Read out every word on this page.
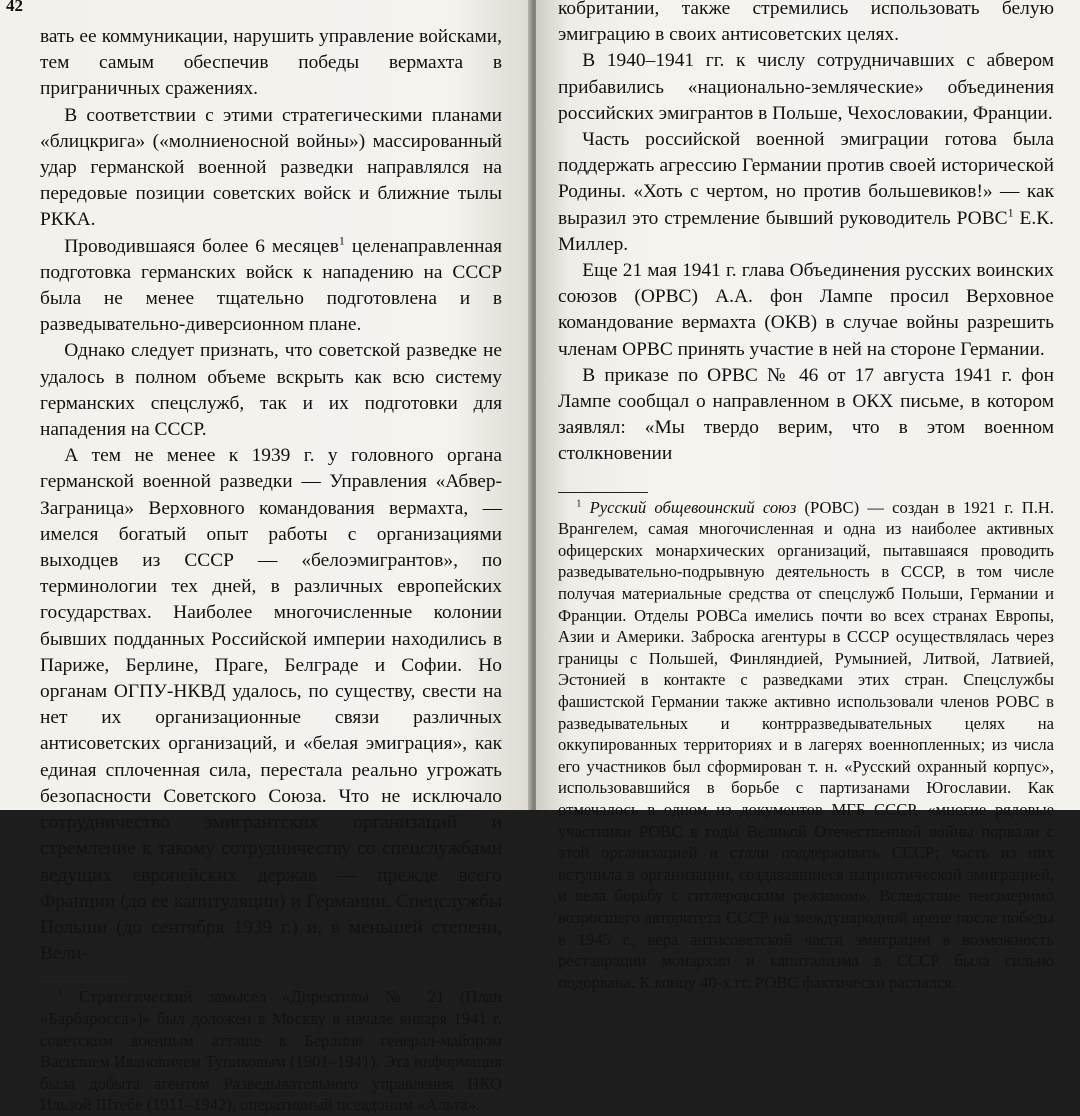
42

вать ее коммуникации, нарушить управление войсками, тем самым обеспечив победы вермахта в приграничных сражениях.

В соответствии с этими стратегическими планами «блицкрига» («молниеносной войны») массированный удар германской военной разведки направлялся на передовые позиции советских войск и ближние тылы РККА.

Проводившаяся более 6 месяцев$^1$ целенаправленная подготовка германских войск к нападению на СССР была не менее тщательно подготовлена и в разведывательно-диверсионном плане.

Однако следует признать, что советской разведке не удалось в полном объеме вскрыть как всю систему германских спецслужб, так и их подготовки для нападения на СССР.

А тем не менее к 1939 г. у головного органа германской военной разведки — Управления «Абвер-Заграница» Верховного командования вермахта, — имелся богатый опыт работы с организациями выходцев из СССР — «белоэмигрантов», по терминологии тех дней, в различных европейских государствах. Наиболее многочисленные колонии бывших подданных Российской империи находились в Париже, Берлине, Праге, Белграде и Софии. Но органам ОГПУ-НКВД удалось, по существу, свести на нет их организационные связи различных антисоветских организаций, и «белая эмиграция», как единая сплоченная сила, перестала реально угрожать безопасности Советского Союза. Что не исключало сотрудничество эмигрантских организаций и стремление к такому сотрудничеству со спецслужбами ведущих европейских держав — прежде всего Франции (до ее капитуляции) и Германии. Спецслужбы Польши (до сентября 1939 г.) и, в меньшей степени, Вели-

$^1$ Стратегический замысел «Директивы № 21 (План «Барбаросса»)» был доложен в Москву в начале января 1941 г. советским военным атташе в Берлине генерал-майором Василием Ивановичем Тупиковым (1901–1941). Эта информация была добыта агентом Разведывательного управления НКО Ильзой Штебе (1911–1942), оперативный псевдоним «Альта».

кобритании, также стремились использовать белую эмиграцию в своих антисоветских целях.

В 1940–1941 гг. к числу сотрудничавших с абвером прибавились «национально-земляческие» объединения российских эмигрантов в Польше, Чехословакии, Франции.

Часть российской военной эмиграции готова была поддержать агрессию Германии против своей исторической Родины. «Хоть с чертом, но против большевиков!» — как выразил это стремление бывший руководитель РОВС$^1$ Е.К. Миллер.

Еще 21 мая 1941 г. глава Объединения русских воинских союзов (ОРВС) А.А. фон Лампе просил Верховное командование вермахта (ОКВ) в случае войны разрешить членам ОРВС принять участие в ней на стороне Германии.

В приказе по ОРВС № 46 от 17 августа 1941 г. фон Лампе сообщал о направленном в ОКХ письме, в котором заявлял: «Мы твердо верим, что в этом военном столкновении

$^1$ Русский общевоинский союз (РОВС) — создан в 1921 г. П.Н. Врангелем, самая многочисленная и одна из наиболее активных офицерских монархических организаций, пытавшаяся проводить разведывательно-подрывную деятельность в СССР, в том числе получая материальные средства от спецслужб Польши, Германии и Франции. Отделы РОВСа имелись почти во всех странах Европы, Азии и Америки. Заброска агентуры в СССР осуществлялась через границы с Польшей, Финляндией, Румынией, Литвой, Латвией, Эстонией в контакте с разведками этих стран. Спецслужбы фашистской Германии также активно использовали членов РОВС в разведывательных и контрразведывательных целях на оккупированных территориях и в лагерях военнопленных; из числа его участников был сформирован т. н. «Русский охранный корпус», использовавшийся в борьбе с партизанами Югославии. Как отмечалось в одном из документов МГБ СССР, «многие рядовые участники РОВС в годы Великой Отечественной войны порвали с этой организацией и стали поддерживать СССР; часть из них вступила в организации, создававшиеся патриотической эмиграцией, и вела борьбу с гитлеровским режимом». Вследствие неизмеримо возросшего авторитета СССР на международной арене после победы в 1945 г., вера антисоветской части эмиграции в возможность реставрации монархии и капитализма в СССР была сильно подорвана. К концу 40-х гг. РОВС фактически распался.
